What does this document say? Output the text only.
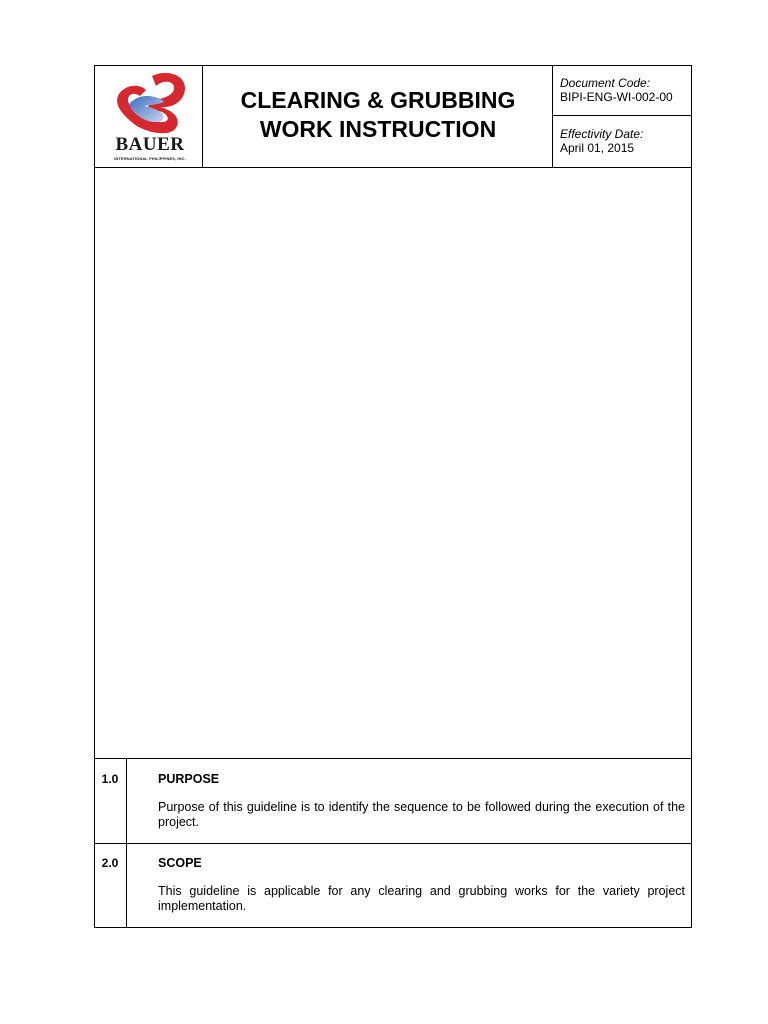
BAUER
INTERNATIONAL PHILIPPINES, INC.
CLEARING & GRUBBING
WORK INSTRUCTION
Document Code:
BIPI-ENG-WI-002-00
Effectivity Date:
April 01, 2015
1.0	PURPOSE
Purpose of this guideline is to identify the sequence to be followed during the execution of the project.
2.0	SCOPE
This guideline is applicable for any clearing and grubbing works for the variety project implementation.
